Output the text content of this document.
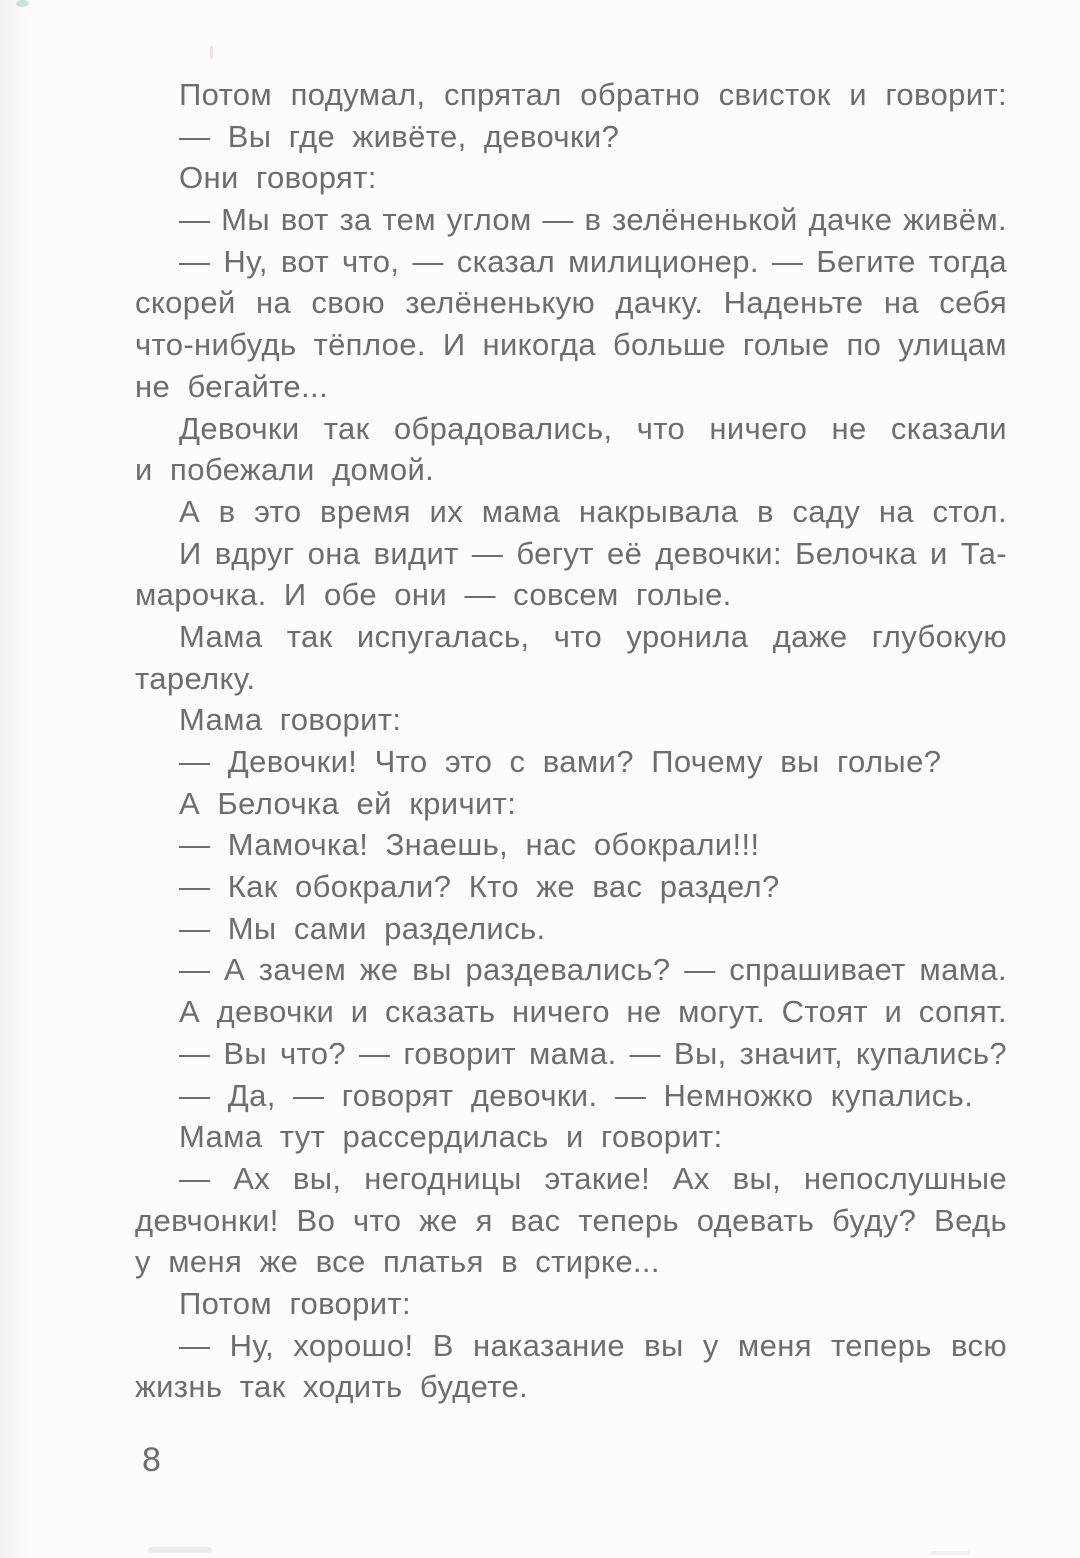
Потом подумал, спрятал обратно свисток и говорит:
— Вы где живёте, девочки?
Они говорят:
— Мы вот за тем углом — в зелёненькой дачке живём.
— Ну, вот что, — сказал милиционер. — Бегите тогда
скорей на свою зелёненькую дачку. Наденьте на себя
что-нибудь тёплое. И никогда больше голые по улицам
не бегайте...
Девочки так обрадовались, что ничего не сказали
и побежали домой.
А в это время их мама накрывала в саду на стол.
И вдруг она видит — бегут её девочки: Белочка и Та-
марочка. И обе они — совсем голые.
Мама так испугалась, что уронила даже глубокую
тарелку.
Мама говорит:
— Девочки! Что это с вами? Почему вы голые?
А Белочка ей кричит:
— Мамочка! Знаешь, нас обокрали!!!
— Как обокрали? Кто же вас раздел?
— Мы сами разделись.
— А зачем же вы раздевались? — спрашивает мама.
А девочки и сказать ничего не могут. Стоят и сопят.
— Вы что? — говорит мама. — Вы, значит, купались?
— Да, — говорят девочки. — Немножко купались.
Мама тут рассердилась и говорит:
— Ах вы, негодницы этакие! Ах вы, непослушные
девчонки! Во что же я вас теперь одевать буду? Ведь
у меня же все платья в стирке...
Потом говорит:
— Ну, хорошо! В наказание вы у меня теперь всю
жизнь так ходить будете.
8
